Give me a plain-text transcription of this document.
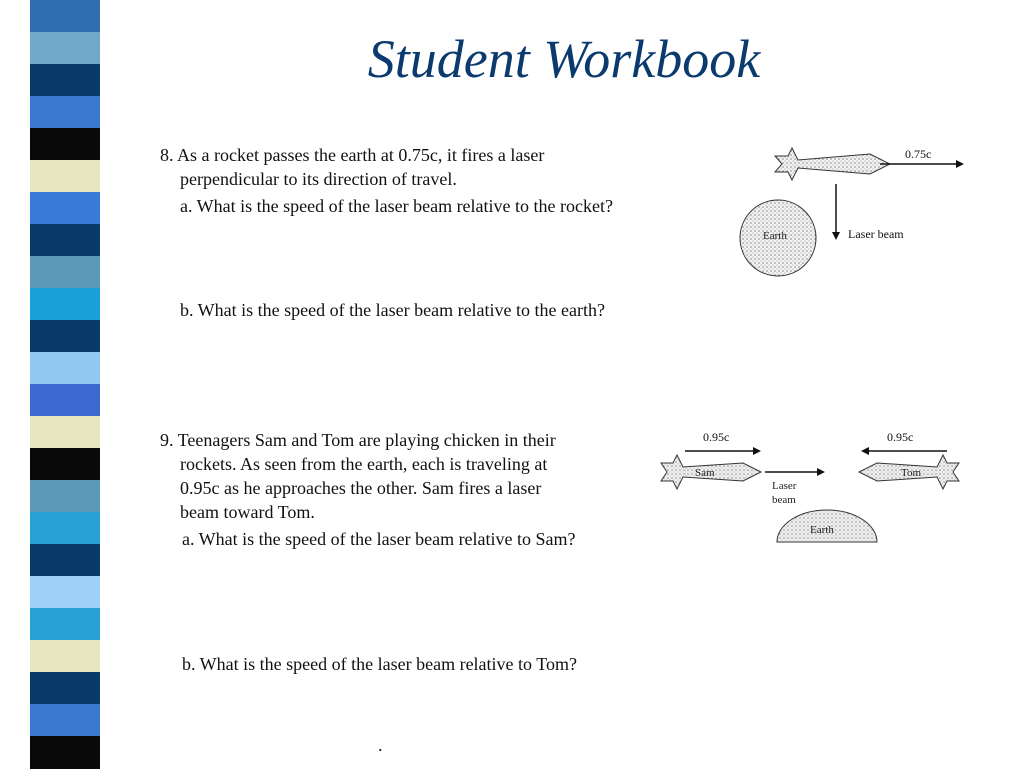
Student Workbook
8. As a rocket passes the earth at 0.75c, it fires a laser
perpendicular to its direction of travel.
a. What is the speed of the laser beam relative to the rocket?
b. What is the speed of the laser beam relative to the earth?
0.75c
Laser beam
Earth
9. Teenagers Sam and Tom are playing chicken in their
rockets. As seen from the earth, each is traveling at
0.95c as he approaches the other. Sam fires a laser
beam toward Tom.
a. What is the speed of the laser beam relative to Sam?
b. What is the speed of the laser beam relative to Tom?
0.95c
Sam
Laser
beam
0.95c
Tom
Earth
.
